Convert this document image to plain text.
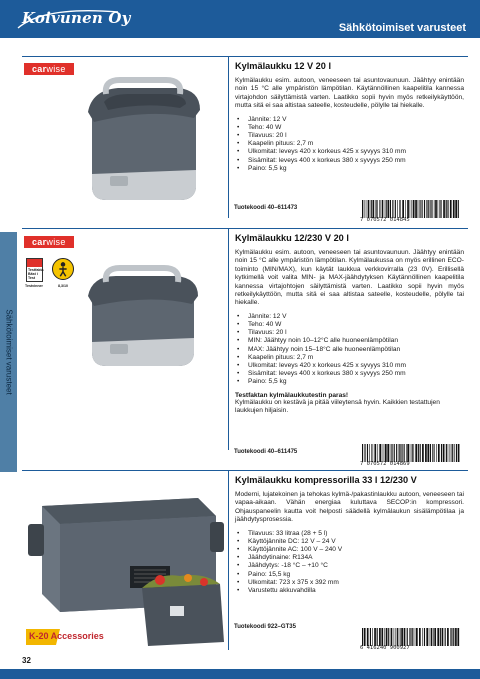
Koivunen Oy
Sähkötoimiset varusteet
Sähkötoimiset varusteet
carwise	Kylmälaukku 12 V 20 l
Kylmälaukku esim. autoon, veneeseen tai asuntovaunuun. Jäähtyy enintään noin 15 °C alle ympäristön lämpötilan. Käytännöllinen kaapelitila kannessa virtajohdon säilyttämistä varten. Laatikko sopii hyvin myös retkeilykäyttöön, mutta sitä ei saa altistaa sateelle, kosteudelle, pölylle tai hiekalle.
• Jännite: 12 V
• Teho: 40 W
• Tilavuus: 20 l
• Kaapelin pituus: 2,7 m
• Ulkomitat: leveys 420 x korkeus 425 x syvyys 310 mm
• Sisämitat: leveys 400 x korkeus 380 x syvyys 250 mm
• Paino: 5,5 kg
Tuotekoodi 40–611473
7 070572 014845
carwise
Testfakta Bäst i Test
Testvinner	8,3/10
Kylmälaukku 12/230 V 20 l
Kylmälaukku esim. autoon, veneeseen tai asuntovaunuun. Jäähtyy enintään noin 15 °C alle ympäristön lämpötilan. Kylmälaukussa on myös erillinen ECO-toiminto (MIN/MAX), kun käytät laukkua verkkovirralla (23 0V). Erillisellä kytkimellä voit valita MIN- ja MAX-jäähdytyksen Käytännöllinen kaapelitila kannessa virtajohtojen säilyttämistä varten. Laatikko sopii hyvin myös retkeilykäyttöön, mutta sitä ei saa altistaa sateelle, kosteudelle, pölylle tai hiekalle.
• Jännite: 12 V
• Teho: 40 W
• Tilavuus: 20 l
• MIN: Jäähtyy noin 10–12°C alle huoneenlämpötilan
• MAX: Jäähtyy noin 15–18°C alle huoneenlämpötilan
• Kaapelin pituus: 2,7 m
• Ulkomitat: leveys 420 x korkeus 425 x syvyys 310 mm
• Sisämitat: leveys 400 x korkeus 380 x syvyys 250 mm
• Paino: 5,5 kg
Testfaktan kylmälaukkutestin paras!
Kylmälaukku on kestävä ja pitää viileytensä hyvin. Kaikkien testattujen laukkujen hiljaisin.
Tuotekoodi 40–611475
7 070572 014869
K-20 Accessories
Kylmälaukku kompressorilla 33 l 12/230 V
Moderni, lujatekoinen ja tehokas kylmä-/pakastinlaukku autoon, veneeseen tai vapaa-aikaan. Vähän energiaa kuluttava SECOP:in kompressori. Ohjauspaneelin kautta voit helposti säädellä kylmälaukun sisälämpötilaa ja jäähdytysprosessia.
• Tilavuus: 33 litraa (28 + 5 l)
• Käyttöjännite DC: 12 V – 24 V
• Käyttöjännite AC: 100 V – 240 V
• Jäähdytinaine: R134A
• Jäähdytys: -18 °C – +10 °C
• Paino: 15,5 kg
• Ulkomitat: 723 x 375 x 392 mm
• Varustettu akkuvahdilla
Tuotekoodi 922–GT35
6 416240 900927
32
